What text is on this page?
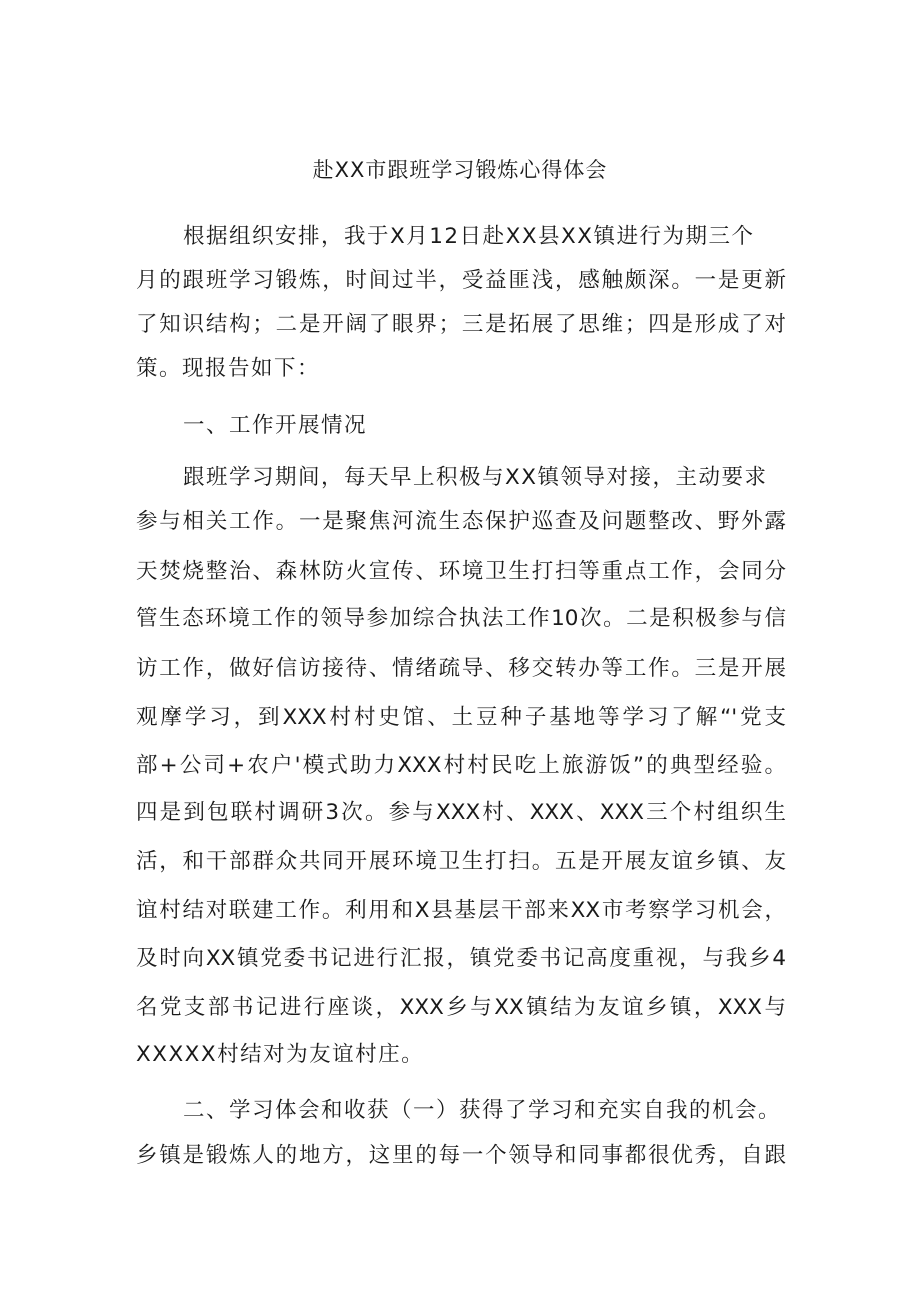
赴XX市跟班学习锻炼心得体会
根据组织安排，我于X月12日赴XX县XX镇进行为期三个
月的跟班学习锻炼，时间过半，受益匪浅，感触颇深。一是更新
了知识结构；二是开阔了眼界；三是拓展了思维；四是形成了对
策。现报告如下：
一、工作开展情况
跟班学习期间，每天早上积极与XX镇领导对接，主动要求
参与相关工作。一是聚焦河流生态保护巡查及问题整改、野外露
天焚烧整治、森林防火宣传、环境卫生打扫等重点工作，会同分
管生态环境工作的领导参加综合执法工作10次。二是积极参与信
访工作，做好信访接待、情绪疏导、移交转办等工作。三是开展
观摩学习，到XXX村村史馆、土豆种子基地等学习了解“'党支
部+公司+农户'模式助力XXX村村民吃上旅游饭”的典型经验。
四是到包联村调研3次。参与XXX村、XXX、XXX三个村组织生
活，和干部群众共同开展环境卫生打扫。五是开展友谊乡镇、友
谊村结对联建工作。利用和X县基层干部来XX市考察学习机会，
及时向XX镇党委书记进行汇报，镇党委书记高度重视，与我乡4
名党支部书记进行座谈，XXX乡与XX镇结为友谊乡镇，XXX与
XXXXX村结对为友谊村庄。
二、学习体会和收获（一）获得了学习和充实自我的机会。
乡镇是锻炼人的地方，这里的每一个领导和同事都很优秀，自跟
